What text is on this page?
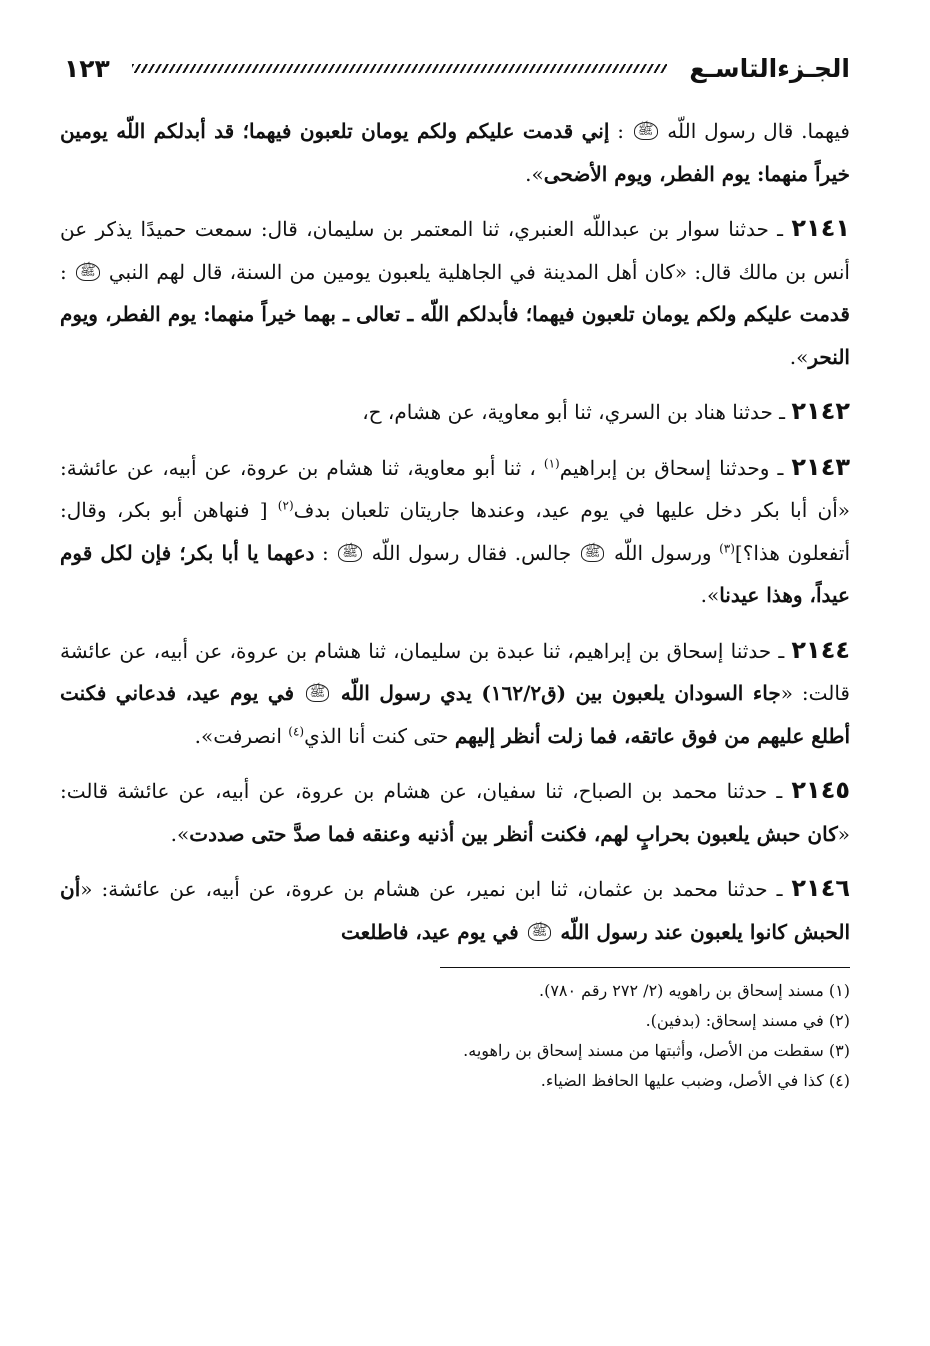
الجـزءالتاسـع
١٢٣

فيهما. قال رسول اللّه ﷺ : إني قدمت عليكم ولكم يومان تلعبون فيهما؛ قد أبدلكم اللّه يومين خيراً منهما: يوم الفطر، ويوم الأضحى».

٢١٤١ ـ حدثنا سوار بن عبداللّه العنبري، ثنا المعتمر بن سليمان، قال: سمعت حميدًا يذكر عن أنس بن مالك قال: «كان أهل المدينة في الجاهلية يلعبون يومين من السنة، قال لهم النبي ﷺ : قدمت عليكم ولكم يومان تلعبون فيهما؛ فأبدلكم اللّه ـ تعالى ـ بهما خيراً منهما: يوم الفطر، ويوم النحر».

٢١٤٢ ـ حدثنا هناد بن السري، ثنا أبو معاوية، عن هشام، ح،

٢١٤٣ ـ وحدثنا إسحاق بن إبراهيم$^{(١)}$ ، ثنا أبو معاوية، ثنا هشام بن عروة، عن أبيه، عن عائشة: «أن أبا بكر دخل عليها في يوم عيد، وعندها جاريتان تلعبان بدف$^{(٢)}$ [ فنهاهن أبو بكر، وقال: أتفعلون هذا؟]$^{(٣)}$ ورسول اللّه ﷺ جالس. فقال رسول اللّه ﷺ : دعهما يا أبا بكر؛ فإن لكل قوم عيداً، وهذا عيدنا».

٢١٤٤ ـ حدثنا إسحاق بن إبراهيم، ثنا عبدة بن سليمان، ثنا هشام بن عروة، عن أبيه، عن عائشة قالت: «جاء السودان يلعبون بين (ق١٦٢/٢) يدي رسول اللّه ﷺ في يوم عيد، فدعاني فكنت أطلع عليهم من فوق عاتقه، فما زلت أنظر إليهم حتى كنت أنا الذي$^{(٤)}$ انصرفت».

٢١٤٥ ـ حدثنا محمد بن الصباح، ثنا سفيان، عن هشام بن عروة، عن أبيه، عن عائشة قالت: «كان حبش يلعبون بحرابٍ لهم، فكنت أنظر بين أذنيه وعنقه فما صدَّ حتى صددت».

٢١٤٦ ـ حدثنا محمد بن عثمان، ثنا ابن نمير، عن هشام بن عروة، عن أبيه، عن عائشة: «أن الحبش كانوا يلعبون عند رسول اللّه ﷺ في يوم عيد، فاطلعت

(١) مسند إسحاق بن راهويه (٢/ ٢٧٢ رقم ٧٨٠).

(٢) في مسند إسحاق: (بدفين).

(٣) سقطت من الأصل، وأثبتها من مسند إسحاق بن راهويه.

(٤) كذا في الأصل، وضبب عليها الحافظ الضياء.
